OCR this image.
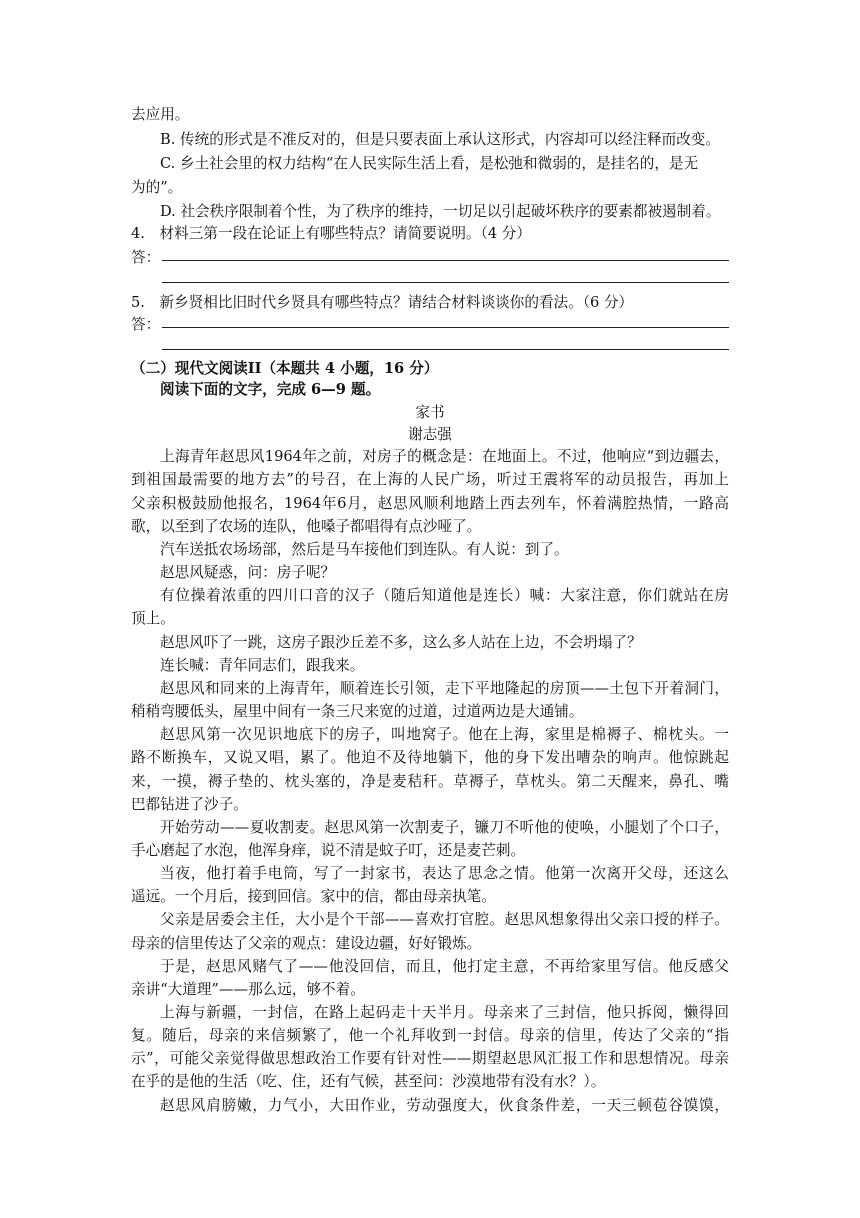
去应用。
B. 传统的形式是不准反对的，但是只要表面上承认这形式，内容却可以经注释而改变。
C. 乡土社会里的权力结构“在人民实际生活上看，是松弛和微弱的，是挂名的，是无
为的”。
D. 社会秩序限制着个性，为了秩序的维持，一切足以引起破坏秩序的要素都被遏制着。
4.　材料三第一段在论证上有哪些特点？请简要说明。（4 分）
答：
5.　新乡贤相比旧时代乡贤具有哪些特点？请结合材料谈谈你的看法。（6 分）
答：
（二）现代文阅读II（本题共 4 小题，16 分）
阅读下面的文字，完成 6—9 题。
家书
谢志强
上海青年赵思风1964年之前，对房子的概念是：在地面上。不过，他响应“到边疆去，
到祖国最需要的地方去”的号召，在上海的人民广场，听过王震将军的动员报告，再加上
父亲积极鼓励他报名，1964年6月，赵思风顺利地踏上西去列车，怀着满腔热情，一路高
歌，以至到了农场的连队，他嗓子都唱得有点沙哑了。
汽车送抵农场场部，然后是马车接他们到连队。有人说：到了。
赵思风疑惑，问：房子呢？
有位操着浓重的四川口音的汉子（随后知道他是连长）喊：大家注意，你们就站在房
顶上。
赵思风吓了一跳，这房子跟沙丘差不多，这么多人站在上边，不会坍塌了？
连长喊：青年同志们，跟我来。
赵思风和同来的上海青年，顺着连长引领，走下平地隆起的房顶——土包下开着洞门，
稍稍弯腰低头，屋里中间有一条三尺来宽的过道，过道两边是大通铺。
赵思风第一次见识地底下的房子，叫地窝子。他在上海，家里是棉褥子、棉枕头。一
路不断换车，又说又唱，累了。他迫不及待地躺下，他的身下发出嘈杂的响声。他惊跳起
来，一摸，褥子垫的、枕头塞的，净是麦秸秆。草褥子，草枕头。第二天醒来，鼻孔、嘴
巴都钻进了沙子。
开始劳动——夏收割麦。赵思风第一次割麦子，镰刀不听他的使唤，小腿划了个口子，
手心磨起了水泡，他浑身痒，说不清是蚊子叮，还是麦芒刺。
当夜，他打着手电筒，写了一封家书，表达了思念之情。他第一次离开父母，还这么
遥远。一个月后，接到回信。家中的信，都由母亲执笔。
父亲是居委会主任，大小是个干部——喜欢打官腔。赵思风想象得出父亲口授的样子。
母亲的信里传达了父亲的观点：建设边疆，好好锻炼。
于是，赵思风赌气了——他没回信，而且，他打定主意，不再给家里写信。他反感父
亲讲“大道理”——那么远，够不着。
上海与新疆，一封信，在路上起码走十天半月。母亲来了三封信，他只拆阅，懒得回
复。随后，母亲的来信频繁了，他一个礼拜收到一封信。母亲的信里，传达了父亲的“指
示”，可能父亲觉得做思想政治工作要有针对性——期望赵思风汇报工作和思想情况。母亲
在乎的是他的生活（吃、住，还有气候，甚至问：沙漠地带有没有水？）。
赵思风肩膀嫩，力气小，大田作业，劳动强度大，伙食条件差，一天三顿苞谷馍馍，
